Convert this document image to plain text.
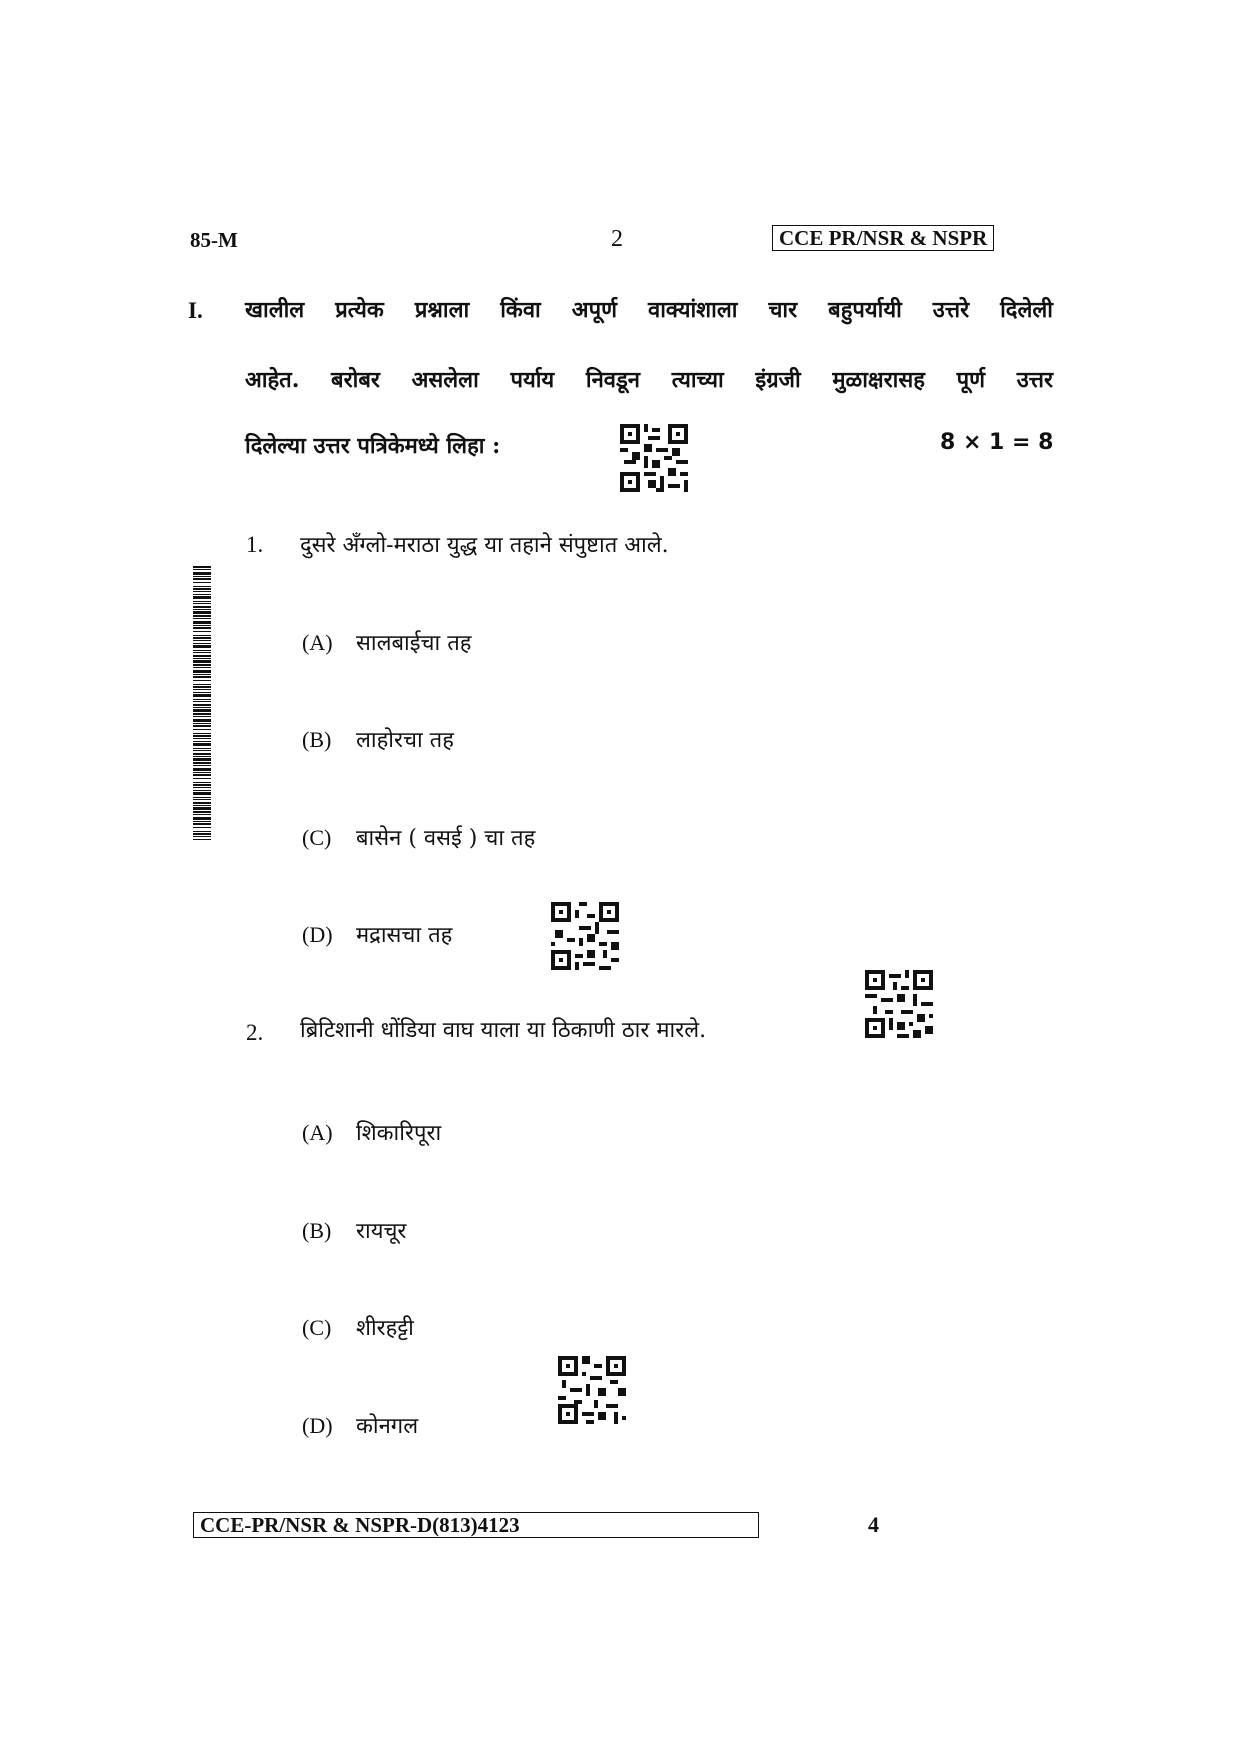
85-M	2	CCE PR/NSR & NSPR
I. खालील प्रत्येक प्रश्नाला किंवा अपूर्ण वाक्यांशाला चार बहुपर्यायी उत्तरे दिलेली
आहेत. बरोबर असलेला पर्याय निवडून त्याच्या इंग्रजी मुळाक्षरासह पूर्ण उत्तर
दिलेल्या उत्तर पत्रिकेमध्ये लिहा :	8 × 1 = 8
1. दुसरे अँग्लो-मराठा युद्ध या तहाने संपुष्टात आले.
(A) सालबाईचा तह
(B) लाहोरचा तह
(C) बासेन ( वसई ) चा तह
(D) मद्रासचा तह
2. ब्रिटिशानी धोंडिया वाघ याला या ठिकाणी ठार मारले.
(A) शिकारिपूरा
(B) रायचूर
(C) शीरहट्टी
(D) कोनगल
CCE-PR/NSR & NSPR-D(813)4123	4
